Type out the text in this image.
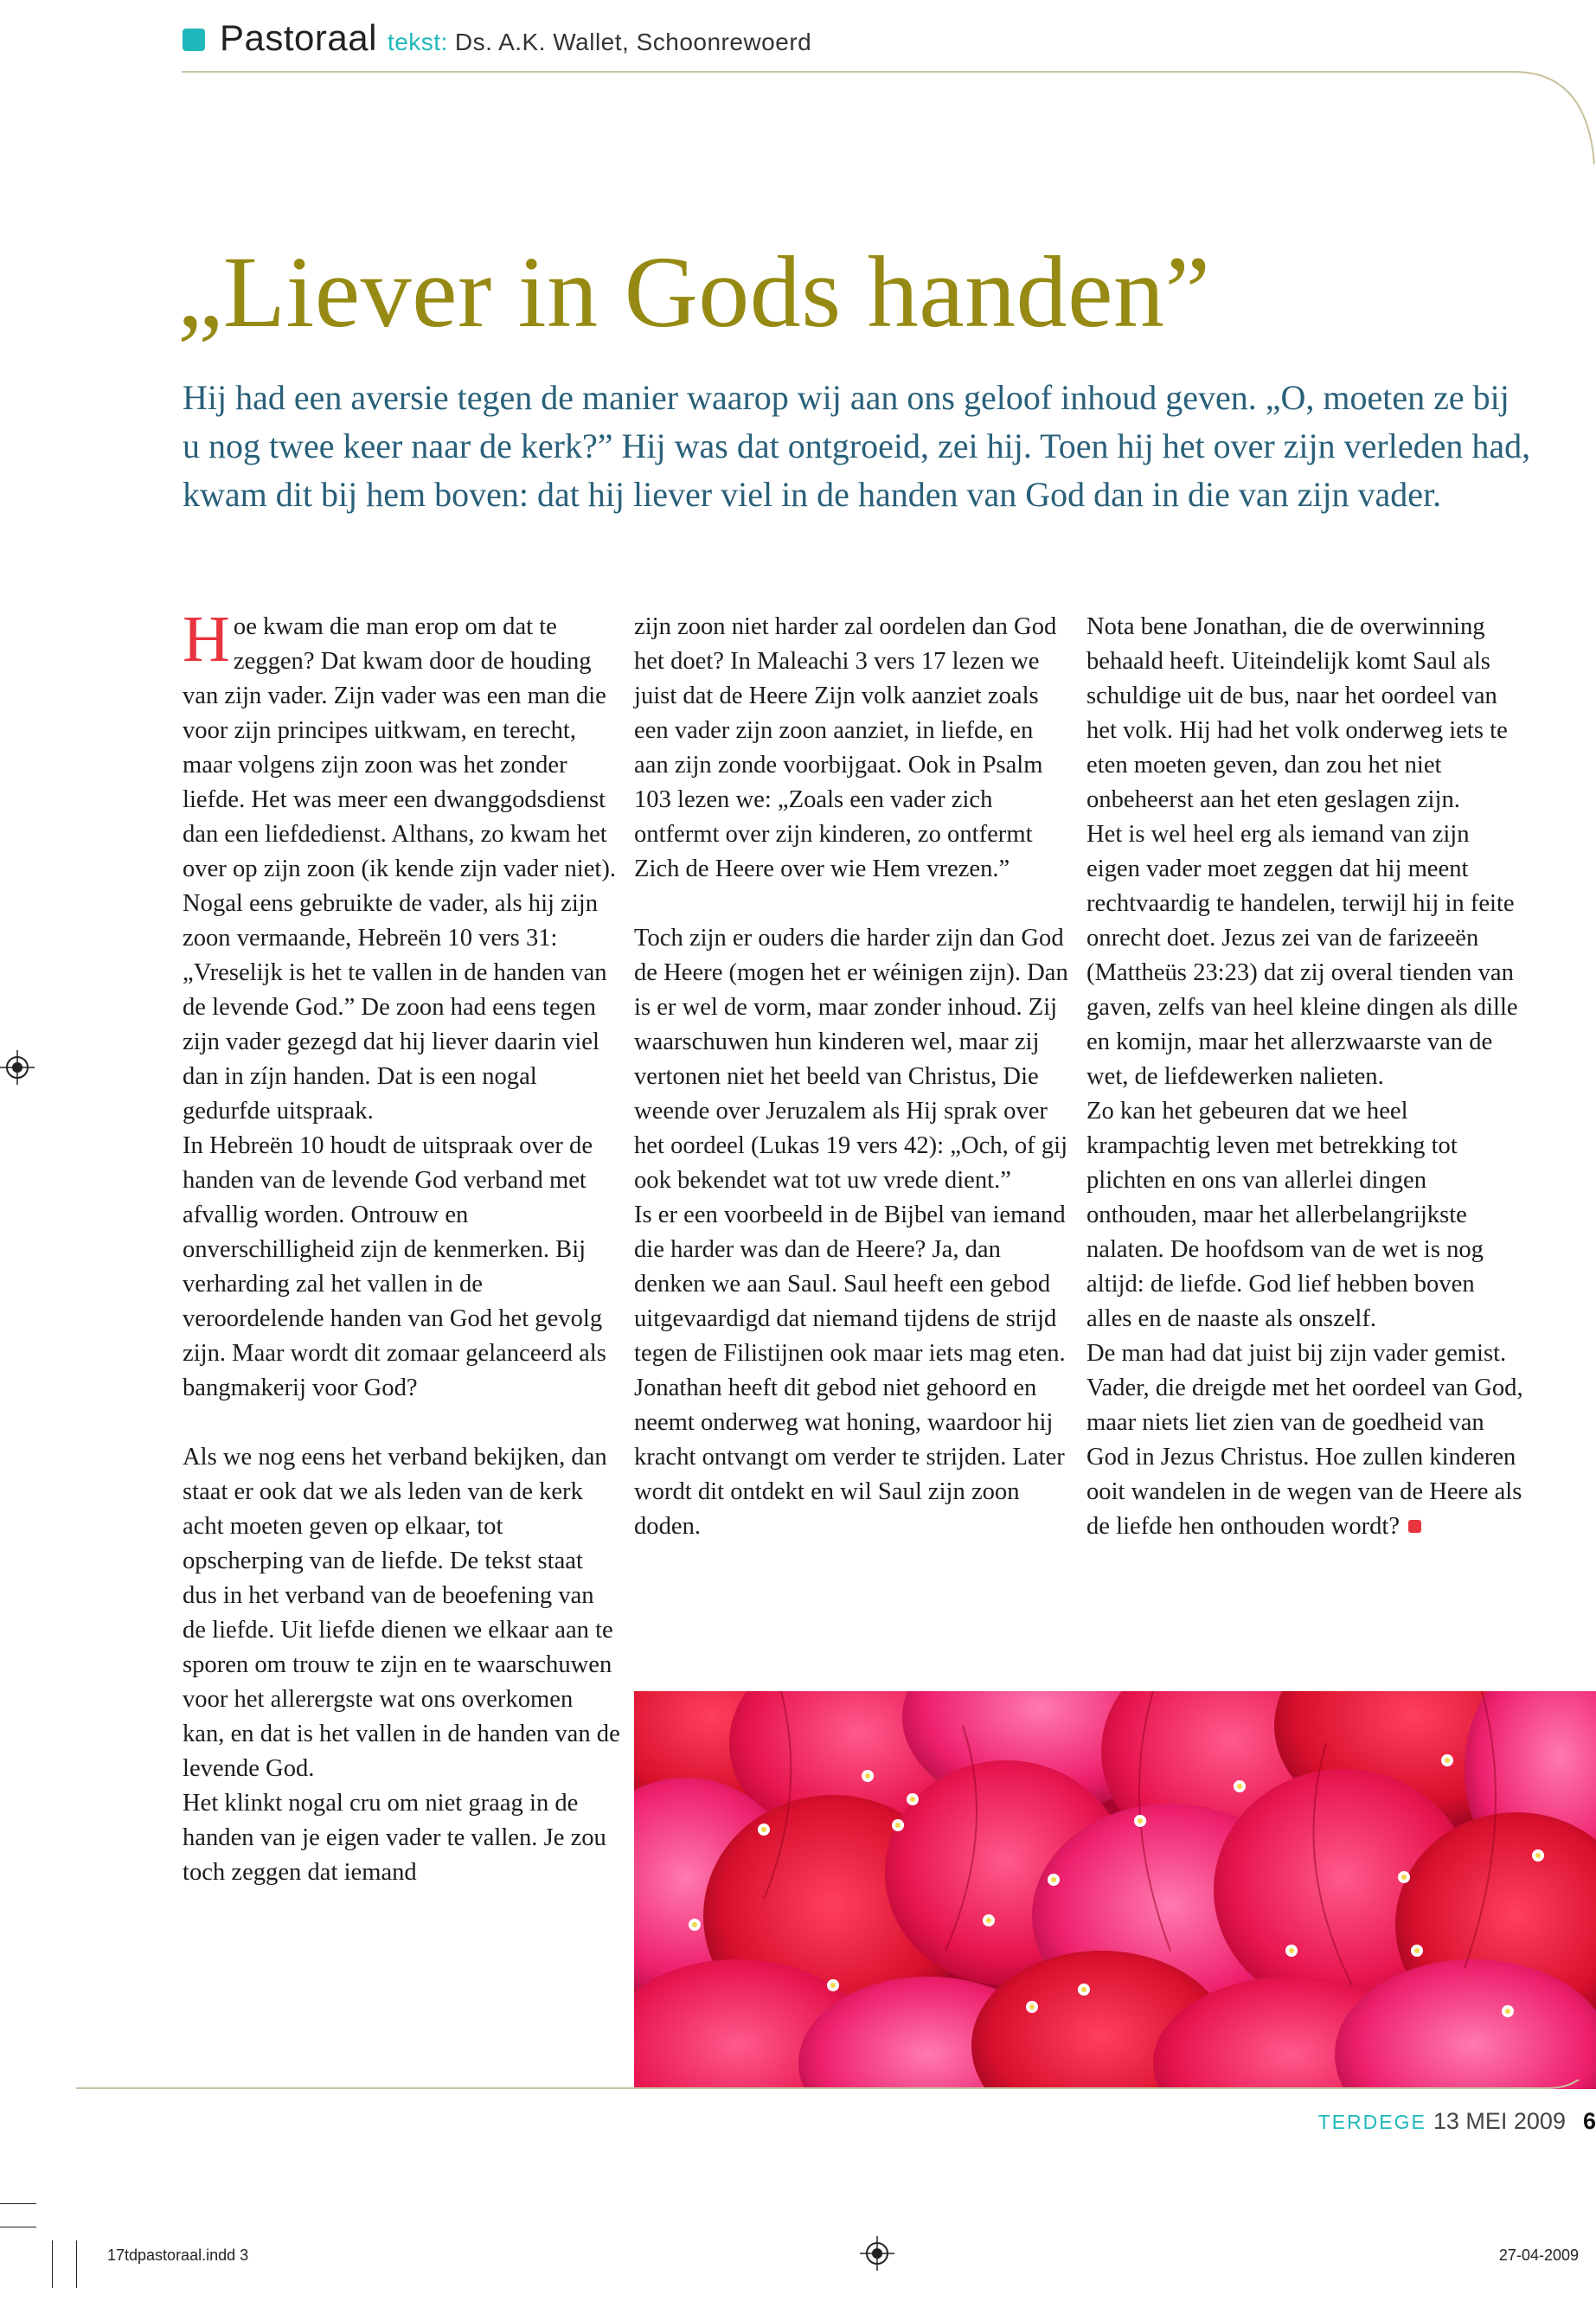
Pastoraal tekst: Ds. A.K. Wallet, Schoonrewoerd
„Liever in Gods handen”
Hij had een aversie tegen de manier waarop wij aan ons geloof inhoud geven. „O, moeten ze bij u nog twee keer naar de kerk?” Hij was dat ontgroeid, zei hij. Toen hij het over zijn verleden had, kwam dit bij hem boven: dat hij liever viel in de handen van God dan in die van zijn vader.

Hoe kwam die man erop om dat te zeggen? Dat kwam door de houding van zijn vader. Zijn vader was een man die voor zijn principes uitkwam, en terecht, maar volgens zijn zoon was het zonder liefde. Het was meer een dwanggodsdienst dan een liefdedienst. Althans, zo kwam het over op zijn zoon (ik kende zijn vader niet). Nogal eens gebruikte de vader, als hij zijn zoon vermaande, Hebreën 10 vers 31: „Vreselijk is het te vallen in de handen van de levende God.” De zoon had eens tegen zijn vader gezegd dat hij liever daarin viel dan in zíjn handen. Dat is een nogal gedurfde uitspraak.

In Hebreën 10 houdt de uitspraak over de handen van de levende God verband met afvallig worden. Ontrouw en onverschilligheid zijn de kenmerken. Bij verharding zal het vallen in de veroordelende handen van God het gevolg zijn. Maar wordt dit zomaar gelanceerd als bangmakerij voor God?

Als we nog eens het verband bekijken, dan staat er ook dat we als leden van de kerk acht moeten geven op elkaar, tot opscherping van de liefde. De tekst staat dus in het verband van de beoefening van de liefde. Uit liefde dienen we elkaar aan te sporen om trouw te zijn en te waarschuwen voor het allerergste wat ons overkomen kan, en dat is het vallen in de handen van de levende God.

Het klinkt nogal cru om niet graag in de handen van je eigen vader te vallen. Je zou toch zeggen dat iemand

zijn zoon niet harder zal oordelen dan God het doet? In Maleachi 3 vers 17 lezen we juist dat de Heere Zijn volk aanziet zoals een vader zijn zoon aanziet, in liefde, en aan zijn zonde voorbijgaat. Ook in Psalm 103 lezen we: „Zoals een vader zich ontfermt over zijn kinderen, zo ontfermt Zich de Heere over wie Hem vrezen.”

Toch zijn er ouders die harder zijn dan God de Heere (mogen het er wéinigen zijn). Dan is er wel de vorm, maar zonder inhoud. Zij waarschuwen hun kinderen wel, maar zij vertonen niet het beeld van Christus, Die weende over Jeruzalem als Hij sprak over het oordeel (Lukas 19 vers 42): „Och, of gij ook bekendet wat tot uw vrede dient.”

Is er een voorbeeld in de Bijbel van iemand die harder was dan de Heere? Ja, dan denken we aan Saul. Saul heeft een gebod uitgevaardigd dat niemand tijdens de strijd tegen de Filistijnen ook maar iets mag eten. Jonathan heeft dit gebod niet gehoord en neemt onderweg wat honing, waardoor hij kracht ontvangt om verder te strijden. Later wordt dit ontdekt en wil Saul zijn zoon doden.

Nota bene Jonathan, die de overwinning behaald heeft. Uiteindelijk komt Saul als schuldige uit de bus, naar het oordeel van het volk. Hij had het volk onderweg iets te eten moeten geven, dan zou het niet onbeheerst aan het eten geslagen zijn.

Het is wel heel erg als iemand van zijn eigen vader moet zeggen dat hij meent rechtvaardig te handelen, terwijl hij in feite onrecht doet. Jezus zei van de farizeeën (Mattheüs 23:23) dat zij overal tienden van gaven, zelfs van heel kleine dingen als dille en komijn, maar het allerzwaarste van de wet, de liefdewerken nalieten.

Zo kan het gebeuren dat we heel krampachtig leven met betrekking tot plichten en ons van allerlei dingen onthouden, maar het allerbelangrijkste nalaten. De hoofdsom van de wet is nog altijd: de liefde. God lief hebben boven alles en de naaste als onszelf.

De man had dat juist bij zijn vader gemist. Vader, die dreigde met het oordeel van God, maar niets liet zien van de goedheid van God in Jezus Christus. Hoe zullen kinderen ooit wandelen in de wegen van de Heere als de liefde hen onthouden wordt?

TERDEGE 13 MEI 2009 6
17tdpastoraal.indd 3	27-04-2009
